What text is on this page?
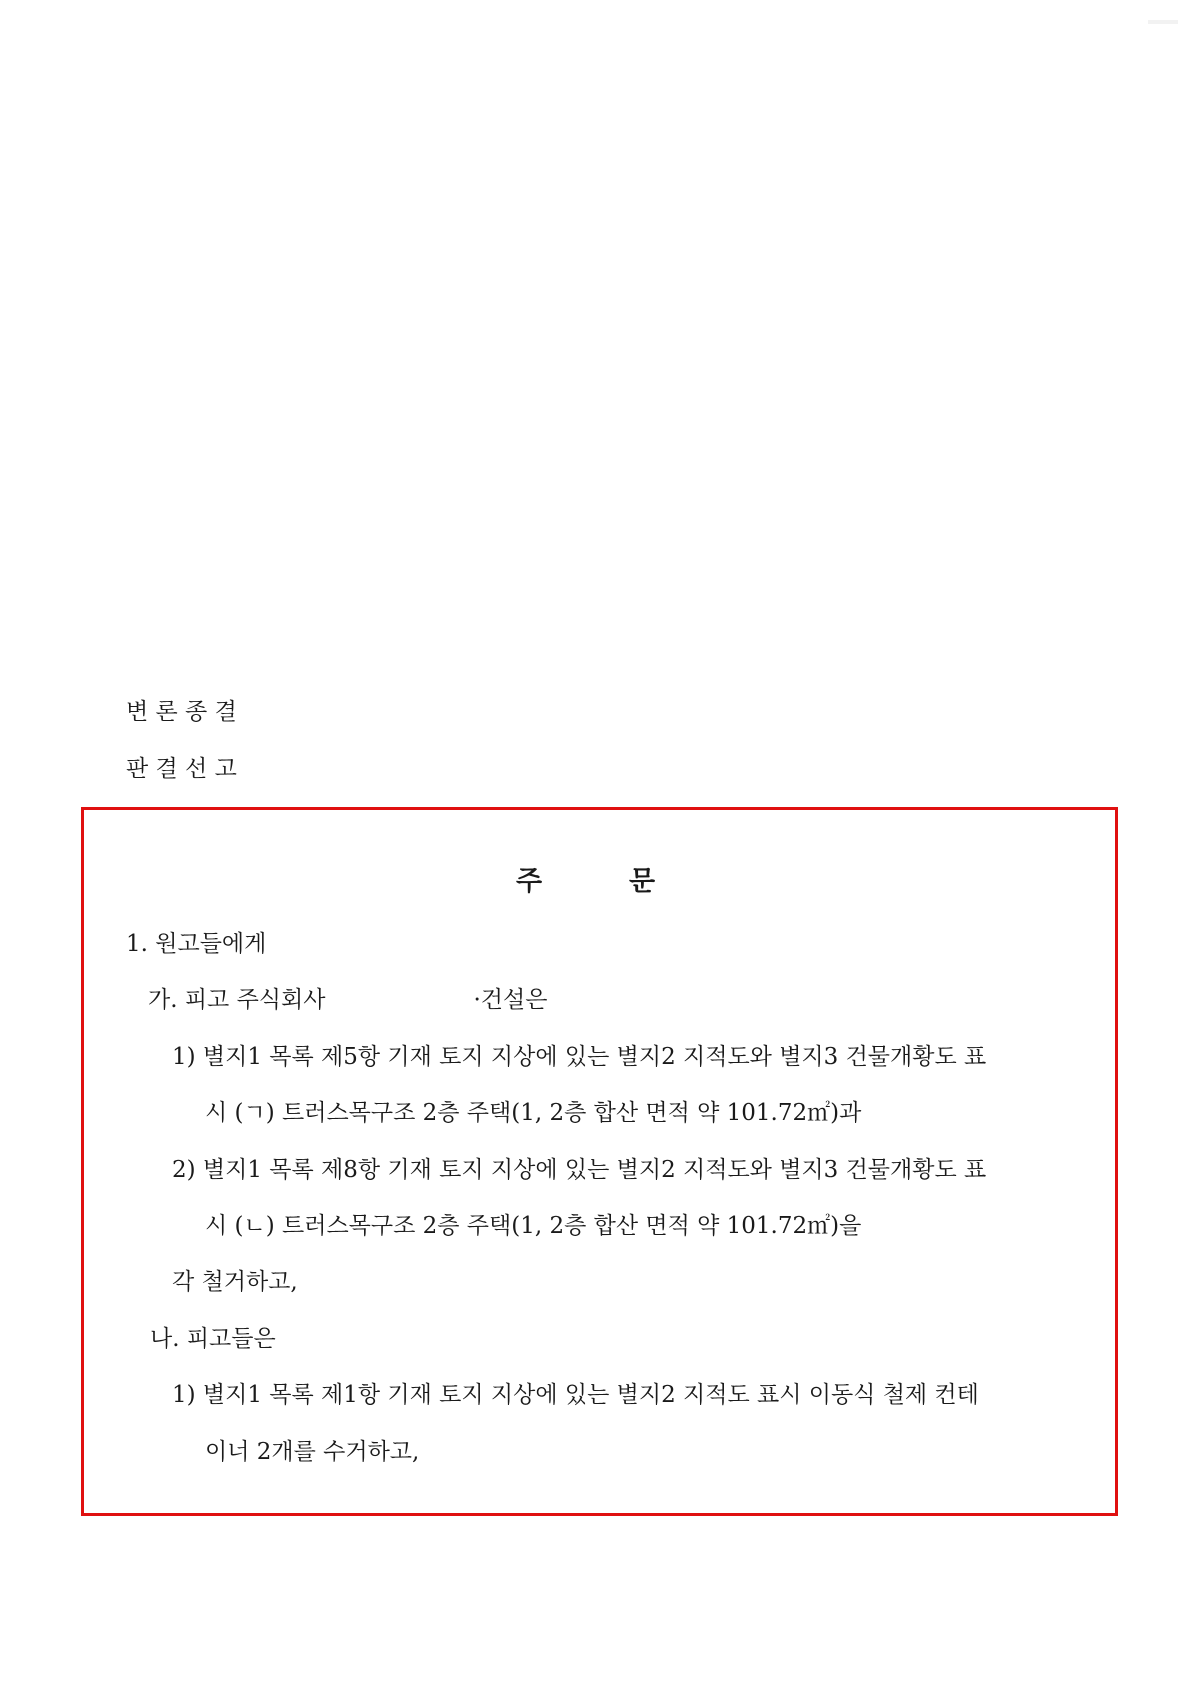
변 론 종 결
판 결 선 고
주	문
1. 원고들에게
가. 피고 주식회사	·건설은
1) 별지1 목록 제5항 기재 토지 지상에 있는 별지2 지적도와 별지3 건물개황도 표
시 (ㄱ) 트러스목구조 2층 주택(1, 2층 합산 면적 약 101.72㎡)과
2) 별지1 목록 제8항 기재 토지 지상에 있는 별지2 지적도와 별지3 건물개황도 표
시 (ㄴ) 트러스목구조 2층 주택(1, 2층 합산 면적 약 101.72㎡)을
각 철거하고,
나. 피고들은
1) 별지1 목록 제1항 기재 토지 지상에 있는 별지2 지적도 표시 이동식 철제 컨테
이너 2개를 수거하고,
